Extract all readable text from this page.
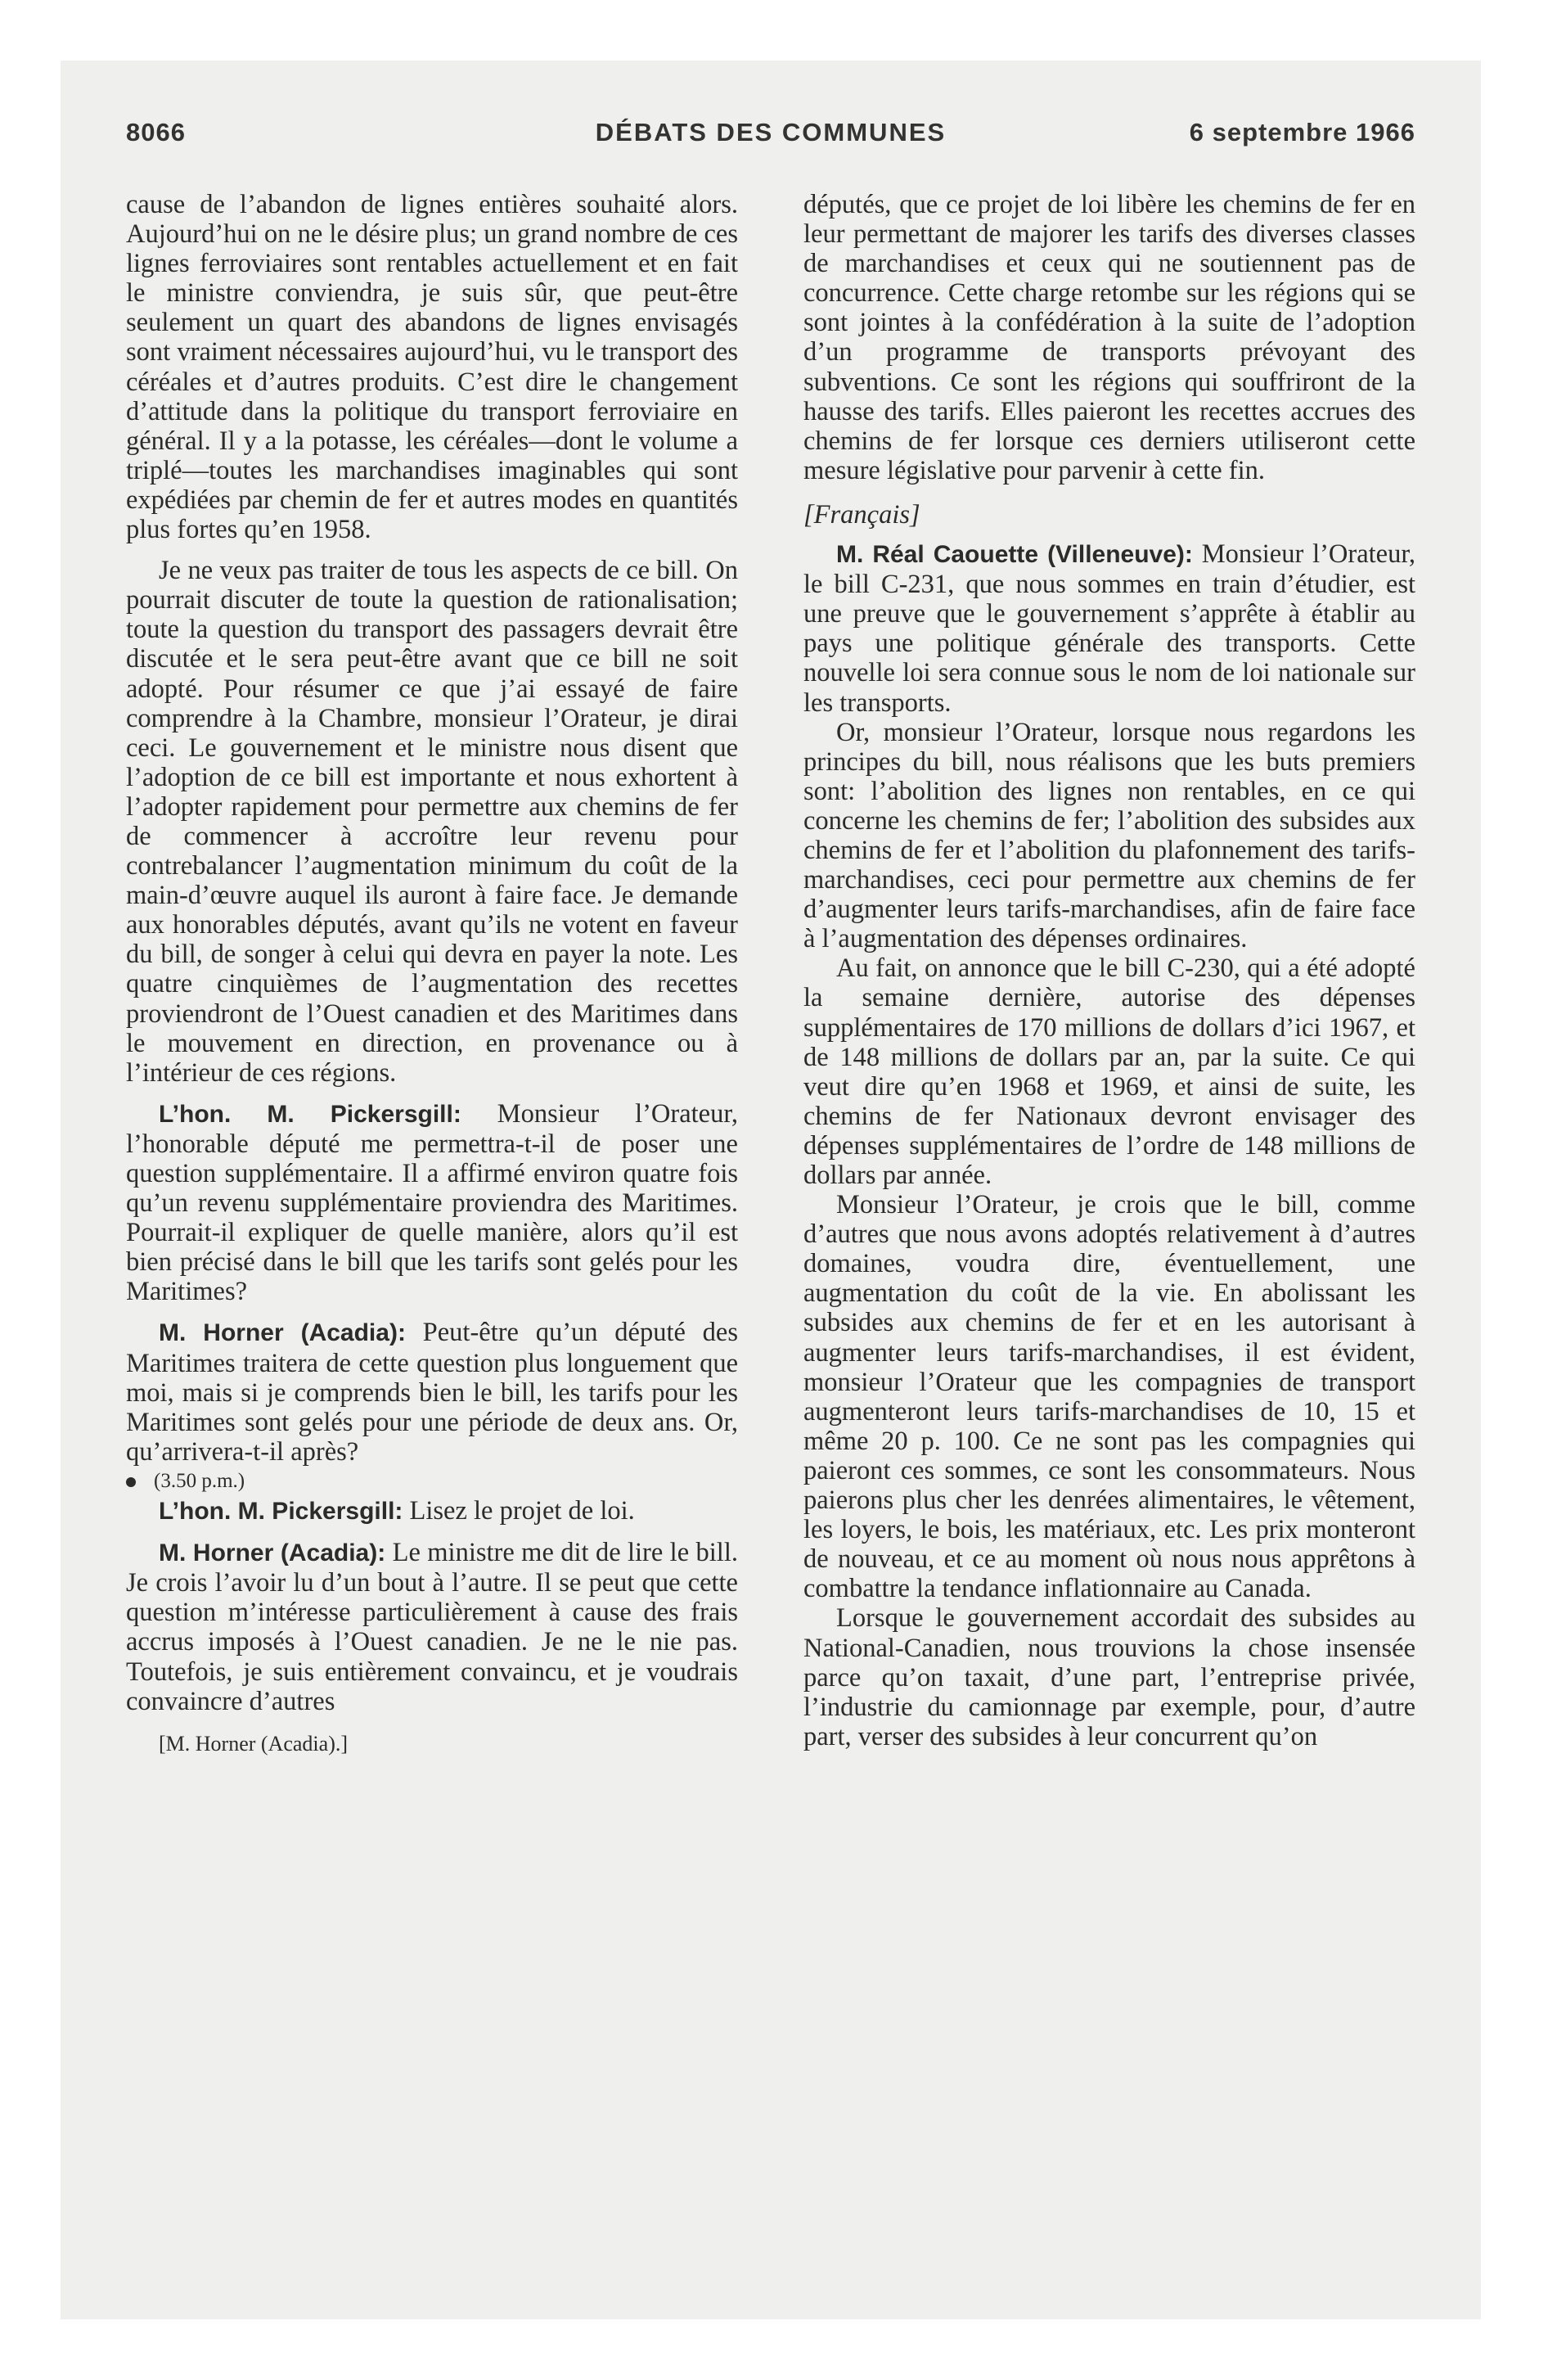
8066	DÉBATS DES COMMUNES	6 septembre 1966

cause de l’abandon de lignes entières souhaité alors. Aujourd’hui on ne le désire plus; un grand nombre de ces lignes ferroviaires sont rentables actuellement et en fait le ministre conviendra, je suis sûr, que peut-être seulement un quart des abandons de lignes envisagés sont vraiment nécessaires aujourd’hui, vu le transport des céréales et d’autres produits. C’est dire le changement d’attitude dans la politique du transport ferroviaire en général. Il y a la potasse, les céréales—dont le volume a triplé—toutes les marchandises imaginables qui sont expédiées par chemin de fer et autres modes en quantités plus fortes qu’en 1958.

Je ne veux pas traiter de tous les aspects de ce bill. On pourrait discuter de toute la question de rationalisation; toute la question du transport des passagers devrait être discutée et le sera peut-être avant que ce bill ne soit adopté. Pour résumer ce que j’ai essayé de faire comprendre à la Chambre, monsieur l’Orateur, je dirai ceci. Le gouvernement et le ministre nous disent que l’adoption de ce bill est importante et nous exhortent à l’adopter rapidement pour permettre aux chemins de fer de commencer à accroître leur revenu pour contrebalancer l’augmentation minimum du coût de la main-d’œuvre auquel ils auront à faire face. Je demande aux honorables députés, avant qu’ils ne votent en faveur du bill, de songer à celui qui devra en payer la note. Les quatre cinquièmes de l’augmentation des recettes proviendront de l’Ouest canadien et des Maritimes dans le mouvement en direction, en provenance ou à l’intérieur de ces régions.

L’hon. M. Pickersgill: Monsieur l’Orateur, l’honorable député me permettra-t-il de poser une question supplémentaire. Il a affirmé environ quatre fois qu’un revenu supplémentaire proviendra des Maritimes. Pourrait-il expliquer de quelle manière, alors qu’il est bien précisé dans le bill que les tarifs sont gelés pour les Maritimes?

M. Horner (Acadia): Peut-être qu’un député des Maritimes traitera de cette question plus longuement que moi, mais si je comprends bien le bill, les tarifs pour les Maritimes sont gelés pour une période de deux ans. Or, qu’arrivera-t-il après?

(3.50 p.m.)

L’hon. M. Pickersgill: Lisez le projet de loi.

M. Horner (Acadia): Le ministre me dit de lire le bill. Je crois l’avoir lu d’un bout à l’autre. Il se peut que cette question m’intéresse particulièrement à cause des frais accrus imposés à l’Ouest canadien. Je ne le nie pas. Toutefois, je suis entièrement convaincu, et je voudrais convaincre d’autres

[M. Horner (Acadia).]

députés, que ce projet de loi libère les chemins de fer en leur permettant de majorer les tarifs des diverses classes de marchandises et ceux qui ne soutiennent pas de concurrence. Cette charge retombe sur les régions qui se sont jointes à la confédération à la suite de l’adoption d’un programme de transports prévoyant des subventions. Ce sont les régions qui souffriront de la hausse des tarifs. Elles paieront les recettes accrues des chemins de fer lorsque ces derniers utiliseront cette mesure législative pour parvenir à cette fin.

[Français]

M. Réal Caouette (Villeneuve): Monsieur l’Orateur, le bill C-231, que nous sommes en train d’étudier, est une preuve que le gouvernement s’apprête à établir au pays une politique générale des transports. Cette nouvelle loi sera connue sous le nom de loi nationale sur les transports.

Or, monsieur l’Orateur, lorsque nous regardons les principes du bill, nous réalisons que les buts premiers sont: l’abolition des lignes non rentables, en ce qui concerne les chemins de fer; l’abolition des subsides aux chemins de fer et l’abolition du plafonnement des tarifs-marchandises, ceci pour permettre aux chemins de fer d’augmenter leurs tarifs-marchandises, afin de faire face à l’augmentation des dépenses ordinaires.

Au fait, on annonce que le bill C-230, qui a été adopté la semaine dernière, autorise des dépenses supplémentaires de 170 millions de dollars d’ici 1967, et de 148 millions de dollars par an, par la suite. Ce qui veut dire qu’en 1968 et 1969, et ainsi de suite, les chemins de fer Nationaux devront envisager des dépenses supplémentaires de l’ordre de 148 millions de dollars par année.

Monsieur l’Orateur, je crois que le bill, comme d’autres que nous avons adoptés relativement à d’autres domaines, voudra dire, éventuellement, une augmentation du coût de la vie. En abolissant les subsides aux chemins de fer et en les autorisant à augmenter leurs tarifs-marchandises, il est évident, monsieur l’Orateur que les compagnies de transport augmenteront leurs tarifs-marchandises de 10, 15 et même 20 p. 100. Ce ne sont pas les compagnies qui paieront ces sommes, ce sont les consommateurs. Nous paierons plus cher les denrées alimentaires, le vêtement, les loyers, le bois, les matériaux, etc. Les prix monteront de nouveau, et ce au moment où nous nous apprêtons à combattre la tendance inflationnaire au Canada.

Lorsque le gouvernement accordait des subsides au National-Canadien, nous trouvions la chose insensée parce qu’on taxait, d’une part, l’entreprise privée, l’industrie du camionnage par exemple, pour, d’autre part, verser des subsides à leur concurrent qu’on
